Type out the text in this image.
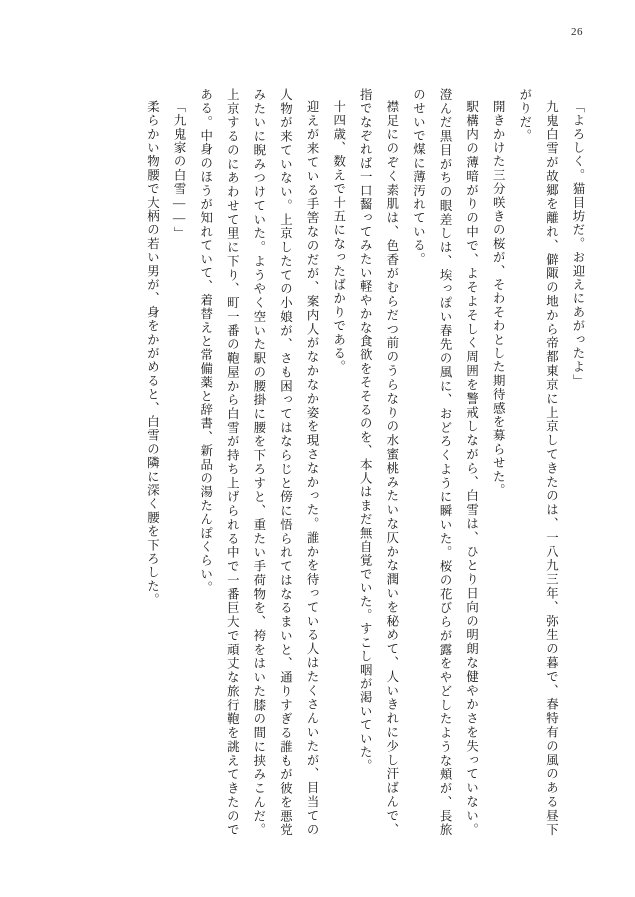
26

「よろしく。猫目坊だ。お迎えにあがったよ」

九鬼白雪が故郷を離れ、僻陬の地から帝都東京に上京してきたのは、一八九三年、弥生の暮で、春特有の風のある昼下がりだ。

開きかけた三分咲きの桜が、そわそわとした期待感を募らせた。

駅構内の薄暗がりの中で、よそよそしく周囲を警戒しながら、白雪は、ひとり日向の明朗な健やかさを失っていない。澄んだ黒目がちの眼差しは、埃っぽい春先の風に、おどろくように瞬いた。桜の花びらが露をやどしたような頬が、長旅のせいで煤に薄汚れている。

襟足にのぞく素肌は、色香がむらだつ前のうらなりの水蜜桃みたいな仄かな潤いを秘めて、人いきれに少し汗ばんで、指でなぞれば一口齧ってみたい軽やかな食欲をそそるのを、本人はまだ無自覚でいた。すこし咽が渇いていた。

十四歳、数えで十五になったばかりである。

迎えが来ている手筈なのだが、案内人がなかなか姿を現さなかった。誰かを待っている人はたくさんいたが、目当ての人物が来ていない。上京したての小娘が、さも困ってはならじと傍に悟られてはなるまいと、通りすぎる誰もが彼を悪党みたいに睨みつけていた。ようやく空いた駅の腰掛に腰を下ろすと、重たい手荷物を、袴をはいた膝の間に挟みこんだ。上京するのにあわせて里に下り、町一番の鞄屋から白雪が持ち上げられる中で一番巨大で頑丈な旅行鞄を誂えてきたのである。中身のほうが知れていて、着替えと常備薬と辞書、新品の湯たんぽくらい。

「九鬼家の白雪――」

柔らかい物腰で大柄の若い男が、身をかがめると、白雪の隣に深く腰を下ろした。
